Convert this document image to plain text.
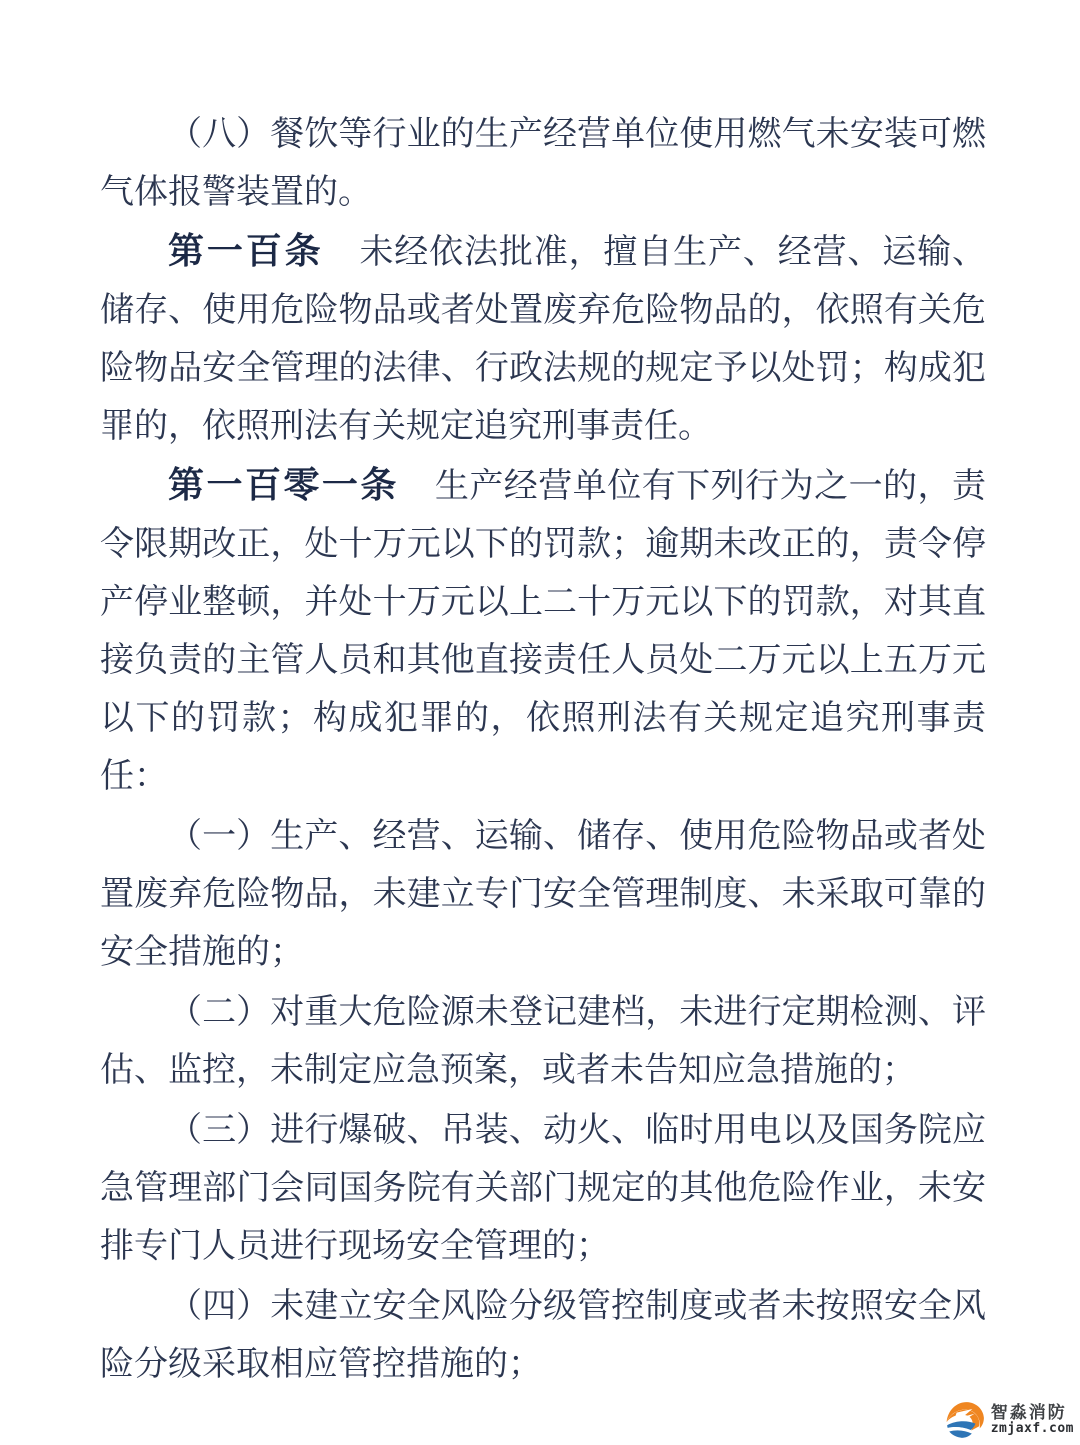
（八）餐饮等行业的生产经营单位使用燃气未安装可燃气体报警装置的。

第一百条 未经依法批准，擅自生产、经营、运输、储存、使用危险物品或者处置废弃危险物品的，依照有关危险物品安全管理的法律、行政法规的规定予以处罚；构成犯罪的，依照刑法有关规定追究刑事责任。

第一百零一条 生产经营单位有下列行为之一的，责令限期改正，处十万元以下的罚款；逾期未改正的，责令停产停业整顿，并处十万元以上二十万元以下的罚款，对其直接负责的主管人员和其他直接责任人员处二万元以上五万元以下的罚款；构成犯罪的，依照刑法有关规定追究刑事责任：

（一）生产、经营、运输、储存、使用危险物品或者处置废弃危险物品，未建立专门安全管理制度、未采取可靠的安全措施的；

（二）对重大危险源未登记建档，未进行定期检测、评估、监控，未制定应急预案，或者未告知应急措施的；

（三）进行爆破、吊装、动火、临时用电以及国务院应急管理部门会同国务院有关部门规定的其他危险作业，未安排专门人员进行现场安全管理的；

（四）未建立安全风险分级管控制度或者未按照安全风险分级采取相应管控措施的；

智淼消防
zmjaxf.com
